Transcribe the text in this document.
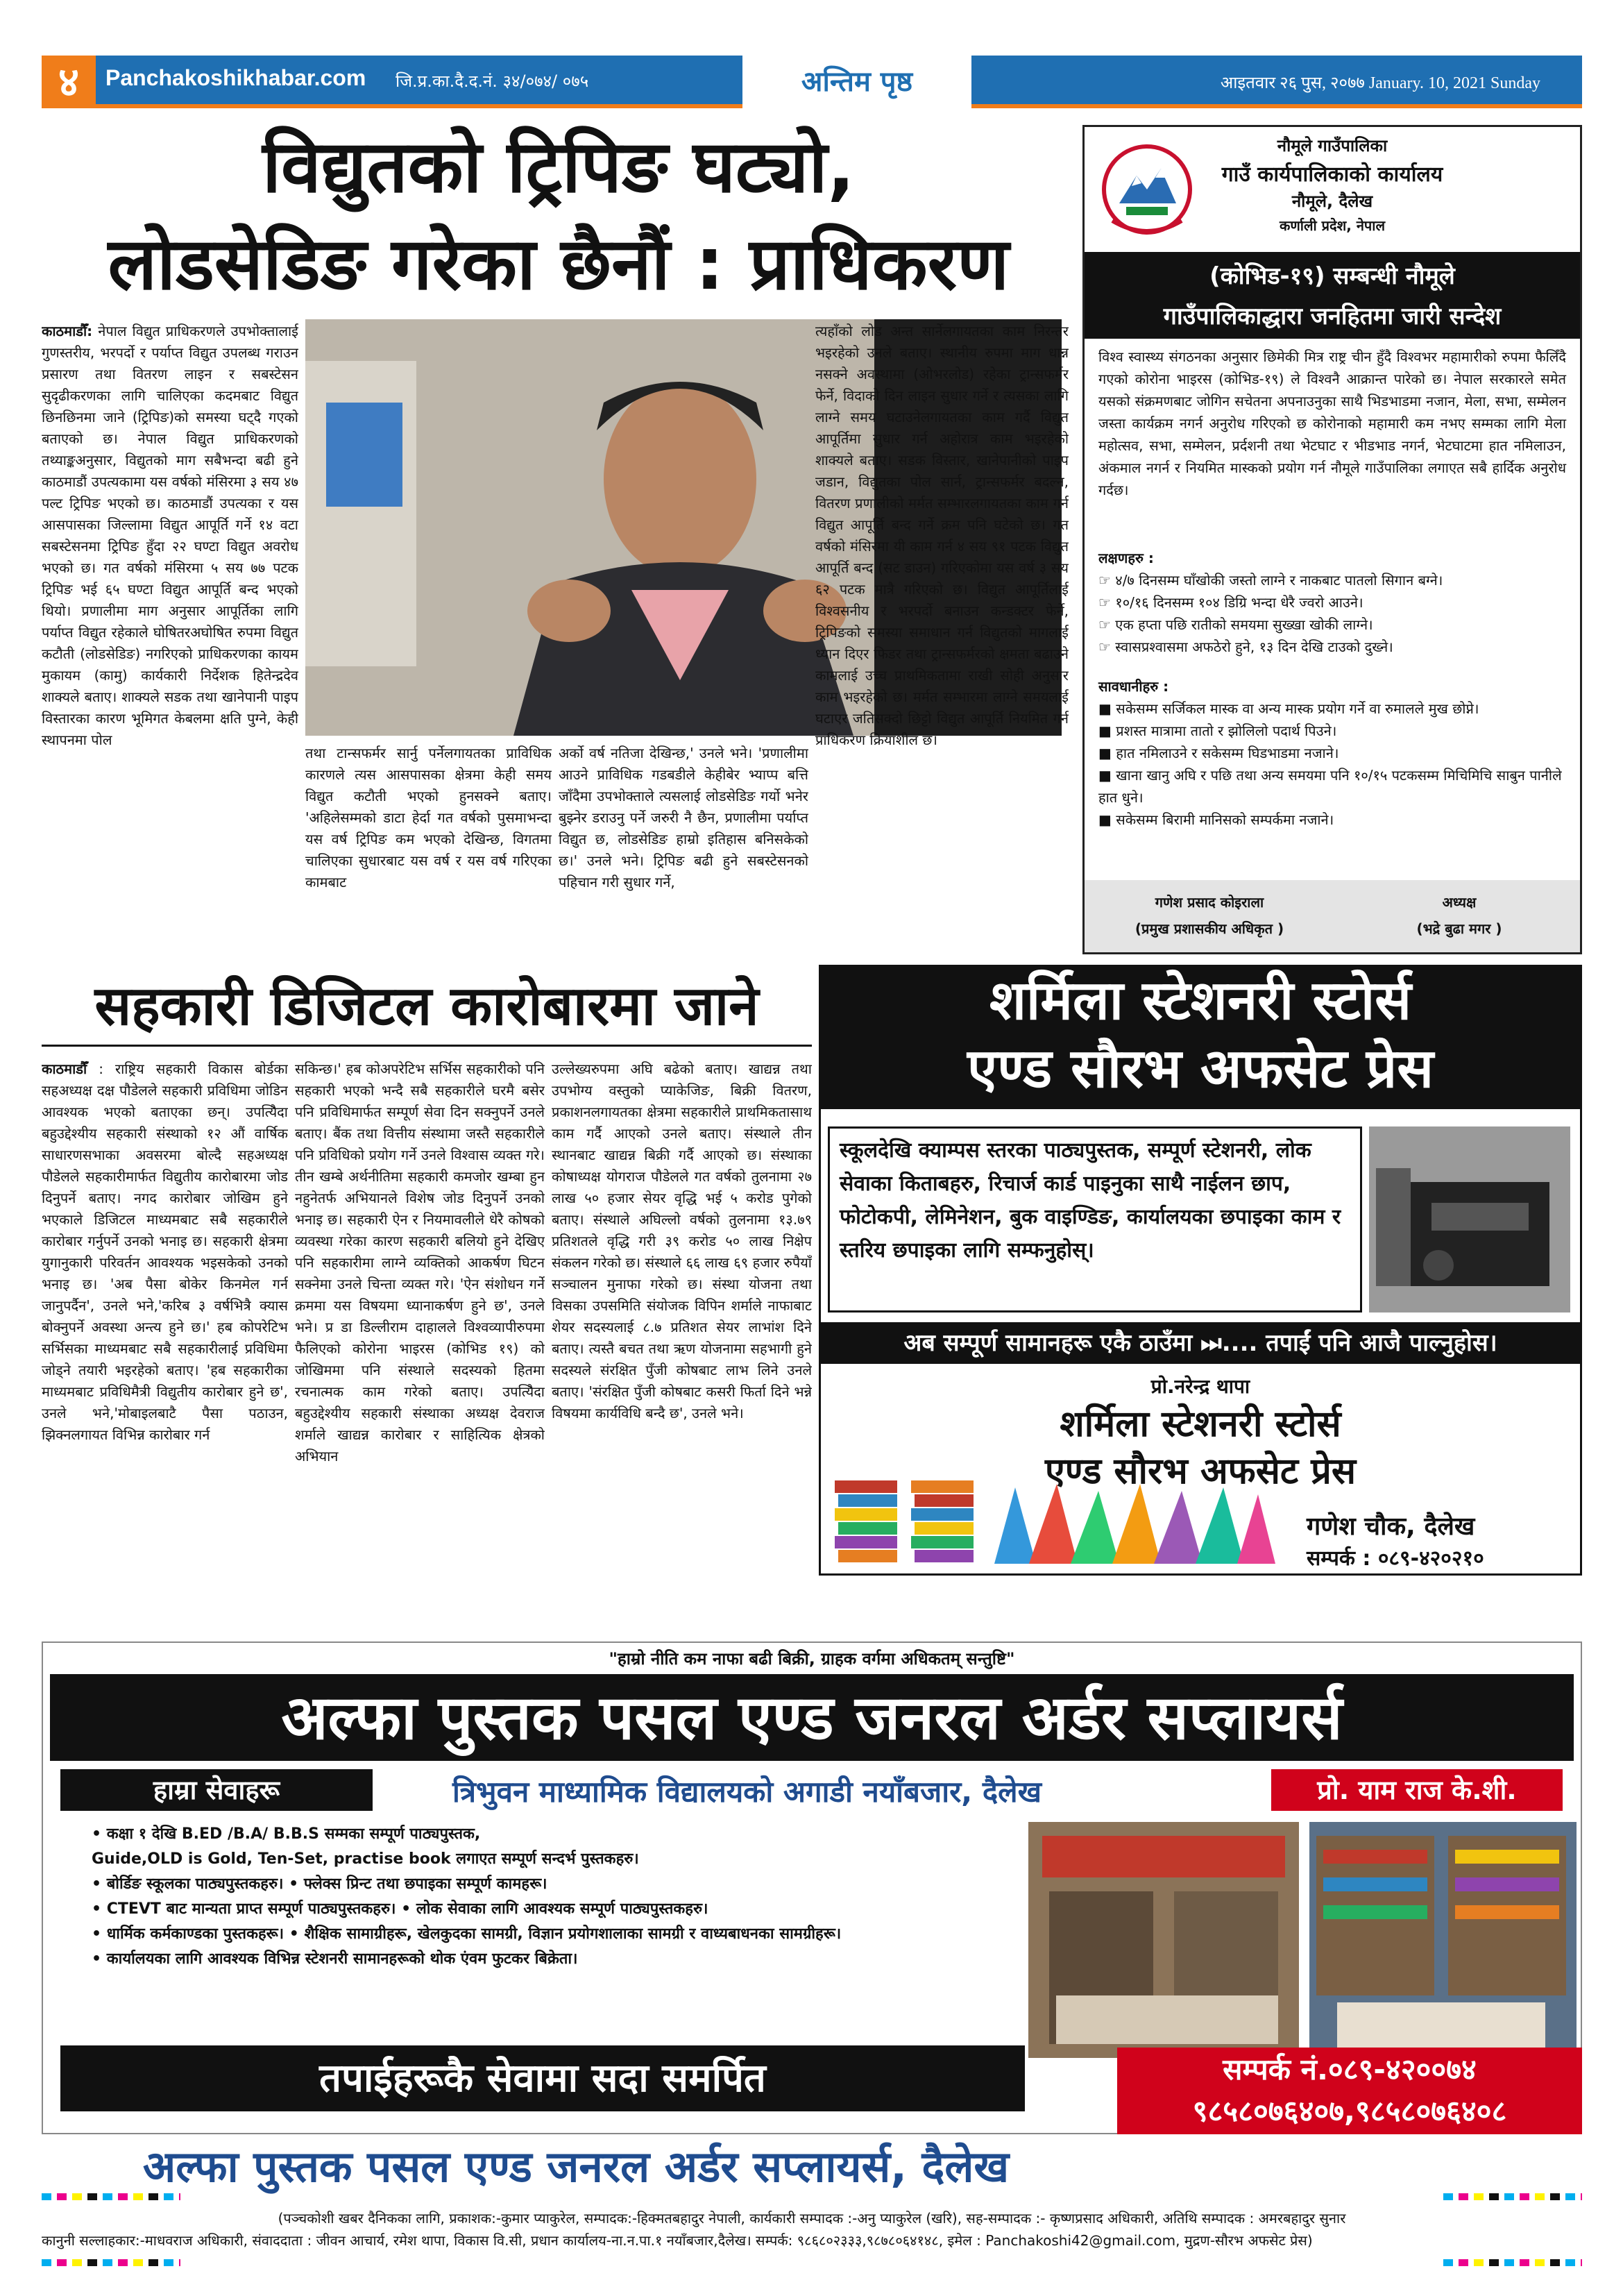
४	Panchakoshikhabar.com जि.प्र.का.दै.द.नं. ३४/०७४/ ०७५	अन्तिम पृष्ठ	आइतवार २६ पुस, २०७७ January. 10, 2021 Sunday
विद्युतको ट्रिपिङ घट्यो,
लोडसेडिङ गरेका छैनौं : प्राधिकरण
काठमाडौँ: नेपाल विद्युत प्राधिकरणले उपभोक्तालाई गुणस्तरीय, भरपर्दो र पर्याप्त विद्युत उपलब्ध गराउन प्रसारण तथा वितरण लाइन र सबस्टेसन सुदृढीकरणका लागि चालिएका कदमबाट विद्युत छिनछिनमा जाने (ट्रिपिङ)को समस्या घट्दै गएको बताएको छ। नेपाल विद्युत प्राधिकरणको तथ्याङ्कअनुसार, विद्युतको माग सबैभन्दा बढी हुने काठमाडौं उपत्यकामा यस वर्षको मंसिरमा ३ सय ४७ पल्ट ट्रिपिङ भएको छ। काठमाडौं उपत्यका र यस आसपासका जिल्लामा विद्युत आपूर्ति गर्ने १४ वटा सबस्टेसनमा ट्रिपिङ हुँदा २२ घण्टा विद्युत अवरोध भएको छ। गत वर्षको मंसिरमा ५ सय ७७ पटक ट्रिपिङ भई ६५ घण्टा विद्युत आपूर्ति बन्द भएको थियो। प्रणालीमा माग अनुसार आपूर्तिका लागि पर्याप्त विद्युत रहेकाले घोषितरअघोषित रुपमा विद्युत कटौती (लोडसेडिङ) नगरिएको प्राधिकरणका कायम मुकायम (कामु) कार्यकारी निर्देशक हितेन्द्रदेव शाक्यले बताए। शाक्यले सडक तथा खानेपानी पाइप विस्तारका कारण भूमिगत केबलमा क्षति पुग्ने, केही स्थापनमा पोल
तथा टान्सफर्मर सार्नु पर्नेलगायतका प्राविधिक कारणले त्यस आसपासका क्षेत्रमा केही समय विद्युत कटौती भएको हुनसक्ने बताए। 'अहिलेसम्मको डाटा हेर्दा गत वर्षको पुसमाभन्दा यस वर्ष ट्रिपिङ कम भएको देखिन्छ, विगतमा चालिएका सुधारबाट यस वर्ष र यस वर्ष गरिएका कामबाट
अर्को वर्ष नतिजा देखिन्छ,' उनले भने। 'प्रणालीमा आउने प्राविधिक गडबडीले केहीबेर भ्याप्प बत्ति जाँदैमा उपभोक्ताले त्यसलाई लोडसेडिङ गर्यो भनेर बुझ्नेर डराउनु पर्ने जरुरी नै छैन, प्रणालीमा पर्याप्त विद्युत छ, लोडसेडिङ हाम्रो इतिहास बनिसकेको छ।' उनले भने। ट्रिपिङ बढी हुने सबस्टेसनको पहिचान गरी सुधार गर्ने,
त्यहाँको लोड अन्त सार्नेलगायतका काम निरन्तर भइरहेको उनले बताए। स्थानीय रुपमा माग धान्न नसक्ने अवस्थामा (ओभरलोड) रहेका ट्रान्सफर्मर फेर्ने, विदाको दिन लाइन सुधार गर्ने र त्यसका लागि लाग्ने समय घटाउनेलगायतका काम गर्दै विद्युत आपूर्तिमा सुधार गर्न अहोरात्र काम भइरहेको शाक्यले बताए। सडक विस्तार, खानेपानीको पाइप जडान, विद्युतका पोल सार्न, ट्रान्सफर्मर बदल्न, वितरण प्रणालीको मर्मत सम्भारलगायतका काम गर्न विद्युत आपूर्ति बन्द गर्ने क्रम पनि घटेको छ। गत वर्षको मंसिरमा यी काम गर्न ४ सय ९१ पटक विद्युत आपूर्ति बन्द (सट डाउन) गरिएकोमा यस वर्ष ३ सय ६२ पटक मात्रै गरिएको छ। विद्युत आपूर्तिलाई विश्वसनीय र भरपर्दो बनाउन कन्डक्टर फेर्ने, ट्रिपिङको समस्या समाधान गर्न विद्युतको मागलाई ध्यान दिएर फिडर तथा ट्रान्सफर्मरको क्षमता बढाउने कामलाई उच्च प्राथमिकतामा राखी सोही अनुसार काम भइरहेको छ। मर्मत सम्भारमा लाग्ने समयलाई घटाएर जतिसक्दो छिट्टो विद्युत आपूर्ति नियमित गर्न प्राधिकरण क्रियाशील छ।
नौमूले गाउँपालिका
गाउँ कार्यपालिकाको कार्यालय
नौमूले, दैलेख
कर्णाली प्रदेश, नेपाल
(कोभिड-१९) सम्बन्धी नौमूले
गाउँपालिकाद्धारा जनहितमा जारी सन्देश
विश्व स्वास्थ्य संगठनका अनुसार छिमेकी मित्र राष्ट्र चीन हुँदै विश्वभर महामारीको रुपमा फैलिँदै गएको कोरोना भाइरस (कोभिड-१९) ले विश्वनै आक्रान्त पारेको छ। नेपाल सरकारले समेत यसको संक्रमणबाट जोगिन सचेतना अपनाउनुका साथै भिडभाडमा नजान, मेला, सभा, सम्मेलन जस्ता कार्यक्रम नगर्न अनुरोध गरिएको छ कोरोनाको महामारी कम नभए सम्मका लागि मेला महोत्सव, सभा, सम्मेलन, प्रर्दशनी तथा भेटघाट र भीडभाड नगर्न, भेटघाटमा हात नमिलाउन, अंकमाल नगर्न र नियमित मास्कको प्रयोग गर्न नौमूले गाउँपालिका लगाएत सबै हार्दिक अनुरोध गर्दछ।
लक्षणहरु :
☞ ४/७ दिनसम्म घाँखोकी जस्तो लाग्ने र नाकबाट पातलो सिगान बग्ने।
☞ १०/१६ दिनसम्म १०४ डिग्रि भन्दा धेरै ज्वरो आउने।
☞ एक हप्ता पछि रातीको समयमा सुख्खा खोकी लाग्ने।
☞ स्वासप्रश्वासमा अफठेरो हुने, १३ दिन देखि टाउको दुख्ने।
सावधानीहरु :
■ सकेसम्म सर्जिकल मास्क वा अन्य मास्क प्रयोग गर्ने वा रुमालले मुख छोप्ने।
■ प्रशस्त मात्रामा तातो र झोलिलो पदार्थ पिउने।
■ हात नमिलाउने र सकेसम्म घिडभाडमा नजाने।
■ खाना खानु अघि र पछि तथा अन्य समयमा पनि १०/१५ पटकसम्म मिचिमिचि साबुन पानीले हात धुने।
■ सकेसम्म बिरामी मानिसको सम्पर्कमा नजाने।
गणेश प्रसाद कोइराला
(प्रमुख प्रशासकीय अधिकृत )
अध्यक्ष
(भद्रे बुढा मगर )
सहकारी डिजिटल कारोबारमा जाने
काठमाडौँ : राष्ट्रिय सहकारी विकास बोर्डका सहअध्यक्ष दक्ष पौडेलले सहकारी प्रविधिमा जोडिन आवश्यक भएको बताएका छन्। उपत्यैिदा बहुउद्देश्यीय सहकारी संस्थाको १२ औं वार्षिक साधारणसभाका अवसरमा बोल्दै सहअध्यक्ष पौडेलले सहकारीमार्फत विद्युतीय कारोबारमा जोड दिनुपर्ने बताए। नगद कारोबार जोखिम हुने भएकाले डिजिटल माध्यमबाट सबै सहकारीले कारोबार गर्नुपर्ने उनको भनाइ छ। सहकारी क्षेत्रमा युगानुकारी परिवर्तन आवश्यक भइसकेको उनको भनाइ छ। 'अब पैसा बोकेर किनमेल गर्न जानुपर्दैन', उनले भने,'करिब ३ वर्षभित्रै क्यास बोक्नुपर्ने अवस्था अन्त्य हुने छ।' हब कोपरेटिभ सर्भिसका माध्यमबाट सबै सहकारीलाई प्रविधिमा जोड्ने तयारी भइरहेको बताए। 'हब सहकारीका माध्यमबाट प्रविधिमैत्री विद्युतीय कारोबार हुने छ', उनले भने,'मोबाइलबाटै पैसा पठाउन, झिक्नलगायत विभिन्न कारोबार गर्न
सकिन्छ।' हब कोअपरेटिभ सर्भिस सहकारीको पनि सहकारी भएको भन्दै सबै सहकारीले घरमै बसेर पनि प्रविधिमार्फत सम्पूर्ण सेवा दिन सक्नुपर्ने उनले बताए। बैंक तथा वित्तीय संस्थामा जस्तै सहकारीले पनि प्रविधिको प्रयोग गर्ने उनले विश्वास व्यक्त गरे। तीन खम्बे अर्थनीतिमा सहकारी कमजोर खम्बा हुन नहुनेतर्फ अभियानले विशेष जोड दिनुपर्ने उनको भनाइ छ। सहकारी ऐन र नियमावलीले धेरै कोषको व्यवस्था गरेका कारण सहकारी बलियो हुने देखिए पनि सहकारीमा लाग्ने व्यक्तिको आकर्षण घिटन सक्नेमा उनले चिन्ता व्यक्त गरे। 'ऐन संशोधन गर्ने क्रममा यस विषयमा ध्यानाकर्षण हुने छ', उनले भने। प्र डा डिल्लीराम दाहालले विश्वव्यापीरुपमा फैलिएको कोरोना भाइरस (कोभिड १९) को जोखिममा पनि संस्थाले सदस्यको हितमा रचनात्मक काम गरेको बताए। उपत्यैिदा बहुउद्देश्यीय सहकारी संस्थाका अध्यक्ष देवराज शर्माले खाद्यन्न कारोबार र साहित्यिक क्षेत्रको अभियान
उल्लेख्यरुपमा अघि बढेको बताए। खाद्यन्न तथा उपभोग्य वस्तुको प्याकेजिङ, बिक्री वितरण, प्रकाशनलगायतका क्षेत्रमा सहकारीले प्राथमिकतासाथ काम गर्दै आएको उनले बताए। संस्थाले तीन स्थानबाट खाद्यन्न बिक्री गर्दै आएको छ। संस्थाका कोषाध्यक्ष योगराज पौडेलले गत वर्षको तुलनामा २७ लाख ५० हजार सेयर वृद्धि भई ५ करोड पुगेको बताए। संस्थाले अघिल्लो वर्षको तुलनामा १३.७९ प्रतिशतले वृद्धि गरी ३९ करोड ५० लाख निक्षेप संकलन गरेको छ। संस्थाले ६६ लाख ६९ हजार रुपैयाँ सञ्चालन मुनाफा गरेको छ। संस्था योजना तथा विसका उपसमिति संयोजक विपिन शर्माले नाफाबाट शेयर सदस्यलाई ८.७ प्रतिशत सेयर लाभांश दिने बताए। त्यस्तै बचत तथा ऋण योजनामा सहभागी हुने सदस्यले संरक्षित पुँजी कोषबाट लाभ लिने उनले बताए। 'संरक्षित पुँजी कोषबाट कसरी फिर्ता दिने भन्ने विषयमा कार्यविधि बन्दै छ', उनले भने।
शर्मिला स्टेशनरी स्टोर्स
एण्ड सौरभ अफसेट प्रेस
स्कूलदेखि क्याम्पस स्तरका पाठ्यपुस्तक, सम्पूर्ण स्टेशनरी, लोक सेवाका किताबहरु, रिचार्ज कार्ड पाइनुका साथै नाईलन छाप, फोटोकपी, लेमिनेशन, बुक वाइण्डिङ, कार्यालयका छपाइका काम र स्तरिय छपाइका लागि सम्फनुहोस्।
अब सम्पूर्ण सामानहरू एकै ठाउँमा ⏭.... तपाईं पनि आजै पाल्नुहोस।
प्रो.नरेन्द्र थापा
शर्मिला स्टेशनरी स्टोर्स
एण्ड सौरभ अफसेट प्रेस
गणेश चौक, दैलेख
सम्पर्क : ०८९-४२०२१०
"हाम्रो नीति कम नाफा बढी बिक्री, ग्राहक वर्गमा अधिकतम् सन्तुष्टि"
अल्फा पुस्तक पसल एण्ड जनरल अर्डर सप्लायर्स
हाम्रा सेवाहरू	त्रिभुवन माध्यामिक विद्यालयको अगाडी नयाँबजार, दैलेख	प्रो. याम राज के.शी.
• कक्षा १ देखि B.ED /B.A/ B.B.S सम्मका सम्पूर्ण पाठ्यपुस्तक,
Guide,OLD is Gold, Ten-Set, practise book लगाएत सम्पूर्ण सन्दर्भ पुस्तकहरु।
• बोर्डिङ स्कूलका पाठ्यपुस्तकहरु। • फ्लेक्स प्रिन्ट तथा छपाइका सम्पूर्ण कामहरू।
• CTEVT बाट मान्यता प्राप्त सम्पूर्ण पाठ्यपुस्तकहरु। • लोक सेवाका लागि आवश्यक सम्पूर्ण पाठ्यपुस्तकहरु।
• धार्मिक कर्मकाण्डका पुस्तकहरू। • शैक्षिक सामाग्रीहरू, खेलकुदका सामग्री, विज्ञान प्रयोगशालाका सामग्री र वाध्यबाधनका सामग्रीहरू।
• कार्यालयका लागि आवश्यक विभिन्न स्टेशनरी सामानहरूको थोक एंवम फुटकर बिक्रेता।
तपाईहरूकै सेवामा सदा समर्पित	सम्पर्क नं.०८९-४२००७४
९८५८०७६४०७,९८५८०७६४०८
अल्फा पुस्तक पसल एण्ड जनरल अर्डर सप्लायर्स, दैलेख
(पञ्चकोशी खबर दैनिकका लागि, प्रकाशक:-कुमार प्याकुरेल, सम्पादक:-हिक्मतबहादुर नेपाली, कार्यकारी सम्पादक :-अनु प्याकुरेल (खरि), सह-सम्पादक :- कृष्णप्रसाद अधिकारी, अतिथि सम्पादक : अमरबहादुर सुनार
कानुनी सल्लाहकार:-माधवराज अधिकारी, संवाददाता : जीवन आचार्य, रमेश थापा, विकास वि.सी, प्रधान कार्यालय-ना.न.पा.१ नयाँबजार,दैलेख। सम्पर्क: ९८६८०२३३३,९८७८०६४१४८, इमेल : Panchakoshi42@gmail.com, मुद्रण-सौरभ अफसेट प्रेस)
